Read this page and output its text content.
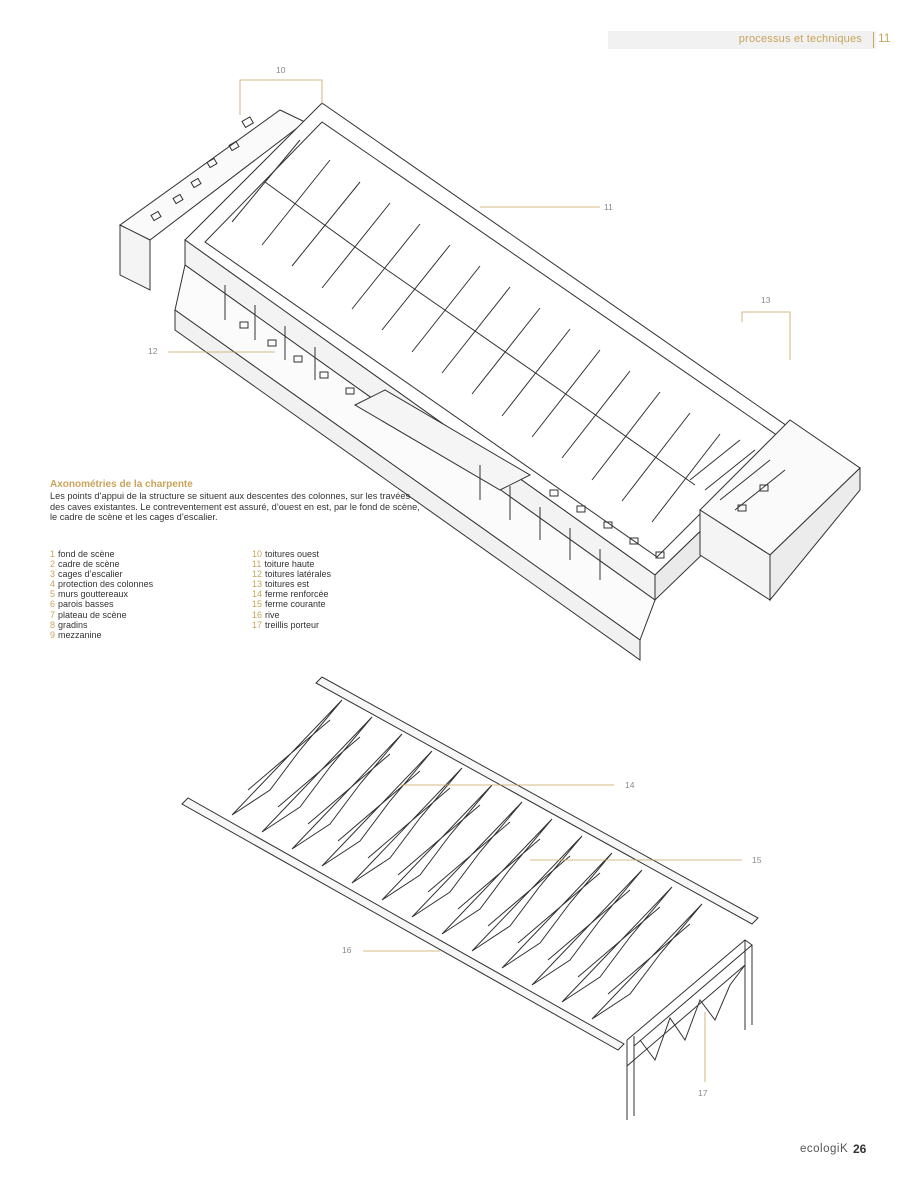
processus et techniques 11
10
11
12
13
14
15
16
17

Axonométries de la charpente

Les points d’appui de la structure se situent aux descentes des colonnes, sur les travées des caves existantes. Le contreventement est assuré, d’ouest en est, par le fond de scène, le cadre de scène et les cages d’escalier.

1 fond de scène
2 cadre de scène
3 cages d’escalier
4 protection des colonnes
5 murs gouttereaux
6 parois basses
7 plateau de scène
8 gradins
9 mezzanine
10 toitures ouest
11 toiture haute
12 toitures latérales
13 toitures est
14 ferme renforcée
15 ferme courante
16 rive
17 treillis porteur
ecologiK 26
